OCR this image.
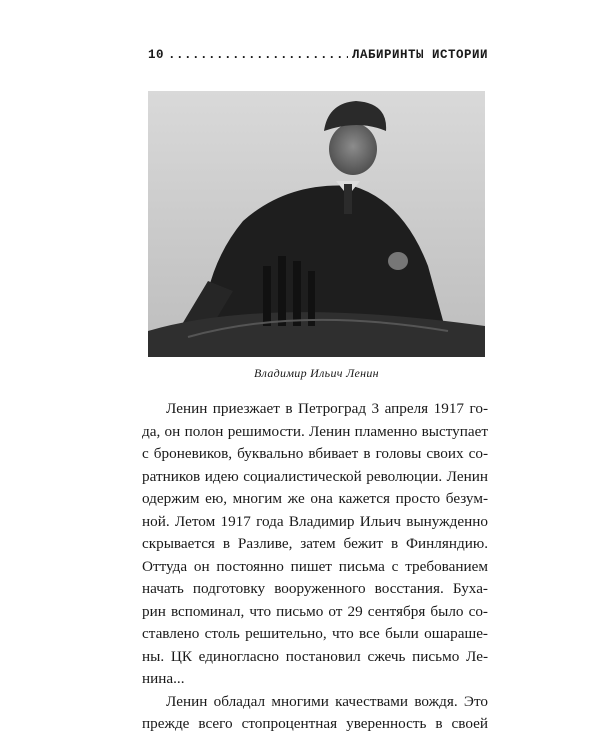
10
.....	ЛАБИРИНТЫ ИСТОРИИ
Владимир Ильич Ленин
Ленин приезжает в Петроград 3 апреля 1917 го-
да, он полон решимости. Ленин пламенно выступает
с броневиков, буквально вбивает в головы своих со-
ратников идею социалистической революции. Ленин
одержим ею, многим же она кажется просто безум-
ной. Летом 1917 года Владимир Ильич вынужденно
скрывается в Разливе, затем бежит в Финляндию.
Оттуда он постоянно пишет письма с требованием
начать подготовку вооруженного восстания. Буха-
рин вспоминал, что письмо от 29 сентября было со-
ставлено столь решительно, что все были ошараше-
ны. ЦК единогласно постановил сжечь письмо Ле-
нина...
Ленин обладал многими качествами вождя. Это
прежде всего стопроцентная уверенность в своей
